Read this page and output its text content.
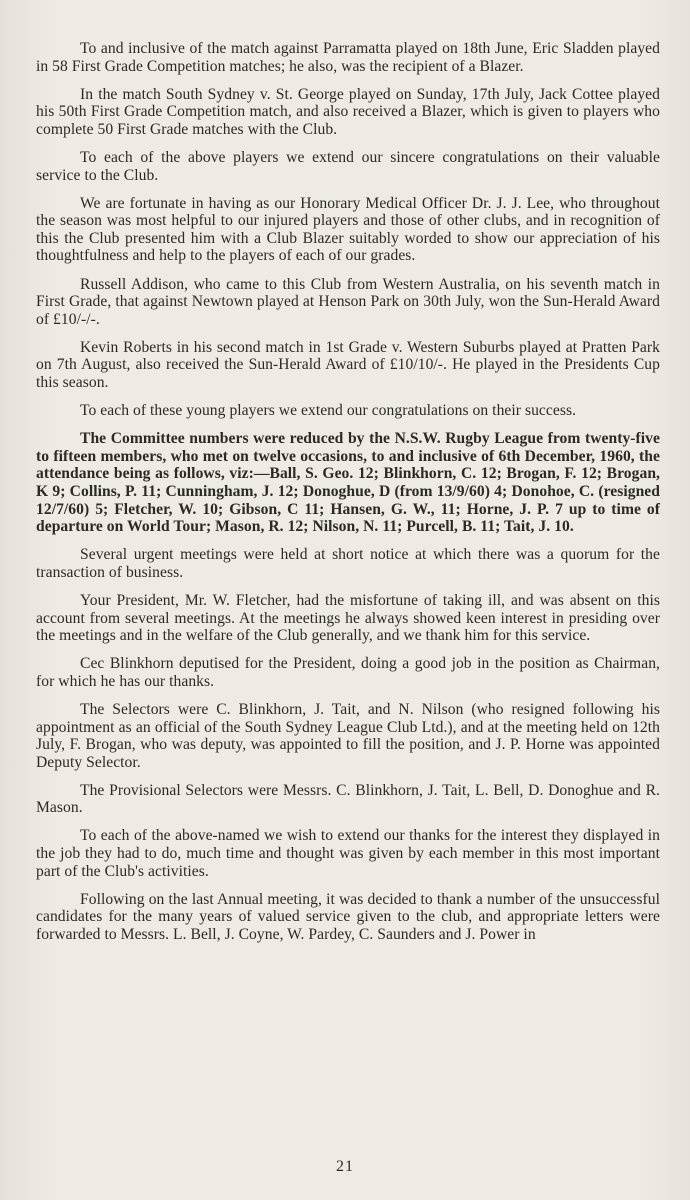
To and inclusive of the match against Parramatta played on 18th June, Eric Sladden played in 58 First Grade Competition matches; he also, was the recipient of a Blazer.

In the match South Sydney v. St. George played on Sunday, 17th July, Jack Cottee played his 50th First Grade Competition match, and also received a Blazer, which is given to players who complete 50 First Grade matches with the Club.

To each of the above players we extend our sincere congratulations on their valuable service to the Club.

We are fortunate in having as our Honorary Medical Officer Dr. J. J. Lee, who throughout the season was most helpful to our injured players and those of other clubs, and in recognition of this the Club presented him with a Club Blazer suitably worded to show our appreciation of his thoughtfulness and help to the players of each of our grades.

Russell Addison, who came to this Club from Western Australia, on his seventh match in First Grade, that against Newtown played at Henson Park on 30th July, won the Sun-Herald Award of £10/-/-.

Kevin Roberts in his second match in 1st Grade v. Western Suburbs played at Pratten Park on 7th August, also received the Sun-Herald Award of £10/10/-. He played in the Presidents Cup this season.

To each of these young players we extend our congratulations on their success.

The Committee numbers were reduced by the N.S.W. Rugby League from twenty-five to fifteen members, who met on twelve occasions, to and inclusive of 6th December, 1960, the attendance being as follows, viz:—Ball, S. Geo. 12; Blinkhorn, C. 12; Brogan, F. 12; Brogan, K 9; Collins, P. 11; Cunningham, J. 12; Donoghue, D (from 13/9/60) 4; Donohoe, C. (resigned 12/7/60) 5; Fletcher, W. 10; Gibson, C 11; Hansen, G. W., 11; Horne, J. P. 7 up to time of departure on World Tour; Mason, R. 12; Nilson, N. 11; Purcell, B. 11; Tait, J. 10.

Several urgent meetings were held at short notice at which there was a quorum for the transaction of business.

Your President, Mr. W. Fletcher, had the misfortune of taking ill, and was absent on this account from several meetings. At the meetings he always showed keen interest in presiding over the meetings and in the welfare of the Club generally, and we thank him for this service.

Cec Blinkhorn deputised for the President, doing a good job in the position as Chairman, for which he has our thanks.

The Selectors were C. Blinkhorn, J. Tait, and N. Nilson (who resigned following his appointment as an official of the South Sydney League Club Ltd.), and at the meeting held on 12th July, F. Brogan, who was deputy, was appointed to fill the position, and J. P. Horne was appointed Deputy Selector.

The Provisional Selectors were Messrs. C. Blinkhorn, J. Tait, L. Bell, D. Donoghue and R. Mason.

To each of the above-named we wish to extend our thanks for the interest they displayed in the job they had to do, much time and thought was given by each member in this most important part of the Club's activities.

Following on the last Annual meeting, it was decided to thank a number of the unsuccessful candidates for the many years of valued service given to the club, and appropriate letters were forwarded to Messrs. L. Bell, J. Coyne, W. Pardey, C. Saunders and J. Power in

21
